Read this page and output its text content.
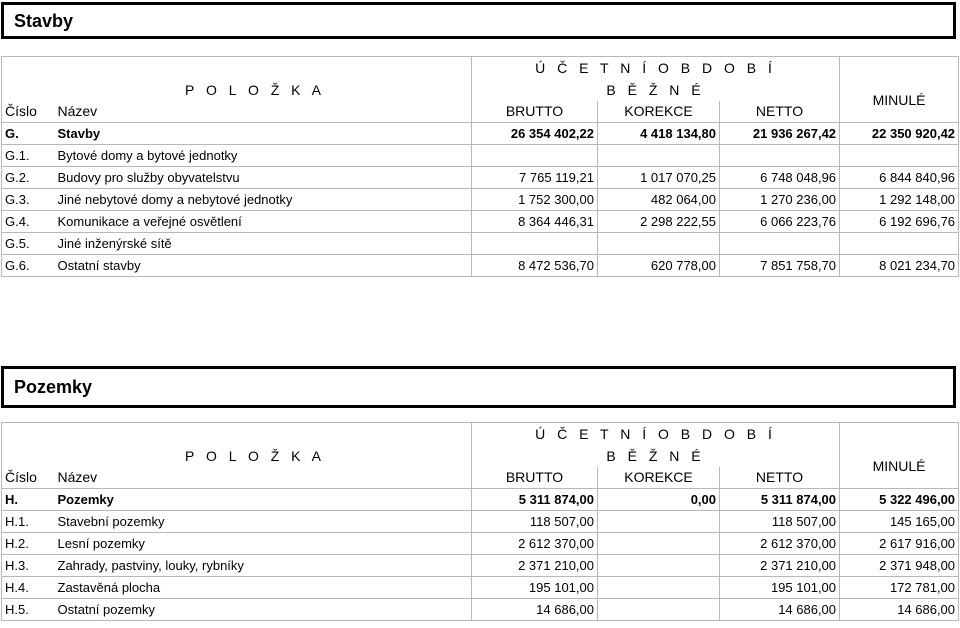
Stavby
		Ú Č E T N Í O B D O B Í			
P O L O Ž K A		B Ě Ž N É			MINULÉ
Číslo	Název	BRUTTO	KOREKCE	NETTO	
G.	Stavby	26 354 402,22	4 418 134,80	21 936 267,42	22 350 920,42
G.1.	Bytové domy a bytové jednotky				
G.2.	Budovy pro služby obyvatelstvu	7 765 119,21	1 017 070,25	6 748 048,96	6 844 840,96
G.3.	Jiné nebytové domy a nebytové jednotky	1 752 300,00	482 064,00	1 270 236,00	1 292 148,00
G.4.	Komunikace a veřejné osvětlení	8 364 446,31	2 298 222,55	6 066 223,76	6 192 696,76
G.5.	Jiné inženýrské sítě				
G.6.	Ostatní stavby	8 472 536,70	620 778,00	7 851 758,70	8 021 234,70
Pozemky
		Ú Č E T N Í O B D O B Í			
P O L O Ž K A		B Ě Ž N É			MINULÉ
Číslo	Název	BRUTTO	KOREKCE	NETTO	
H.	Pozemky	5 311 874,00	0,00	5 311 874,00	5 322 496,00
H.1.	Stavební pozemky	118 507,00		118 507,00	145 165,00
H.2.	Lesní pozemky	2 612 370,00		2 612 370,00	2 617 916,00
H.3.	Zahrady, pastviny, louky, rybníky	2 371 210,00		2 371 210,00	2 371 948,00
H.4.	Zastavěná plocha	195 101,00		195 101,00	172 781,00
H.5.	Ostatní pozemky	14 686,00		14 686,00	14 686,00
